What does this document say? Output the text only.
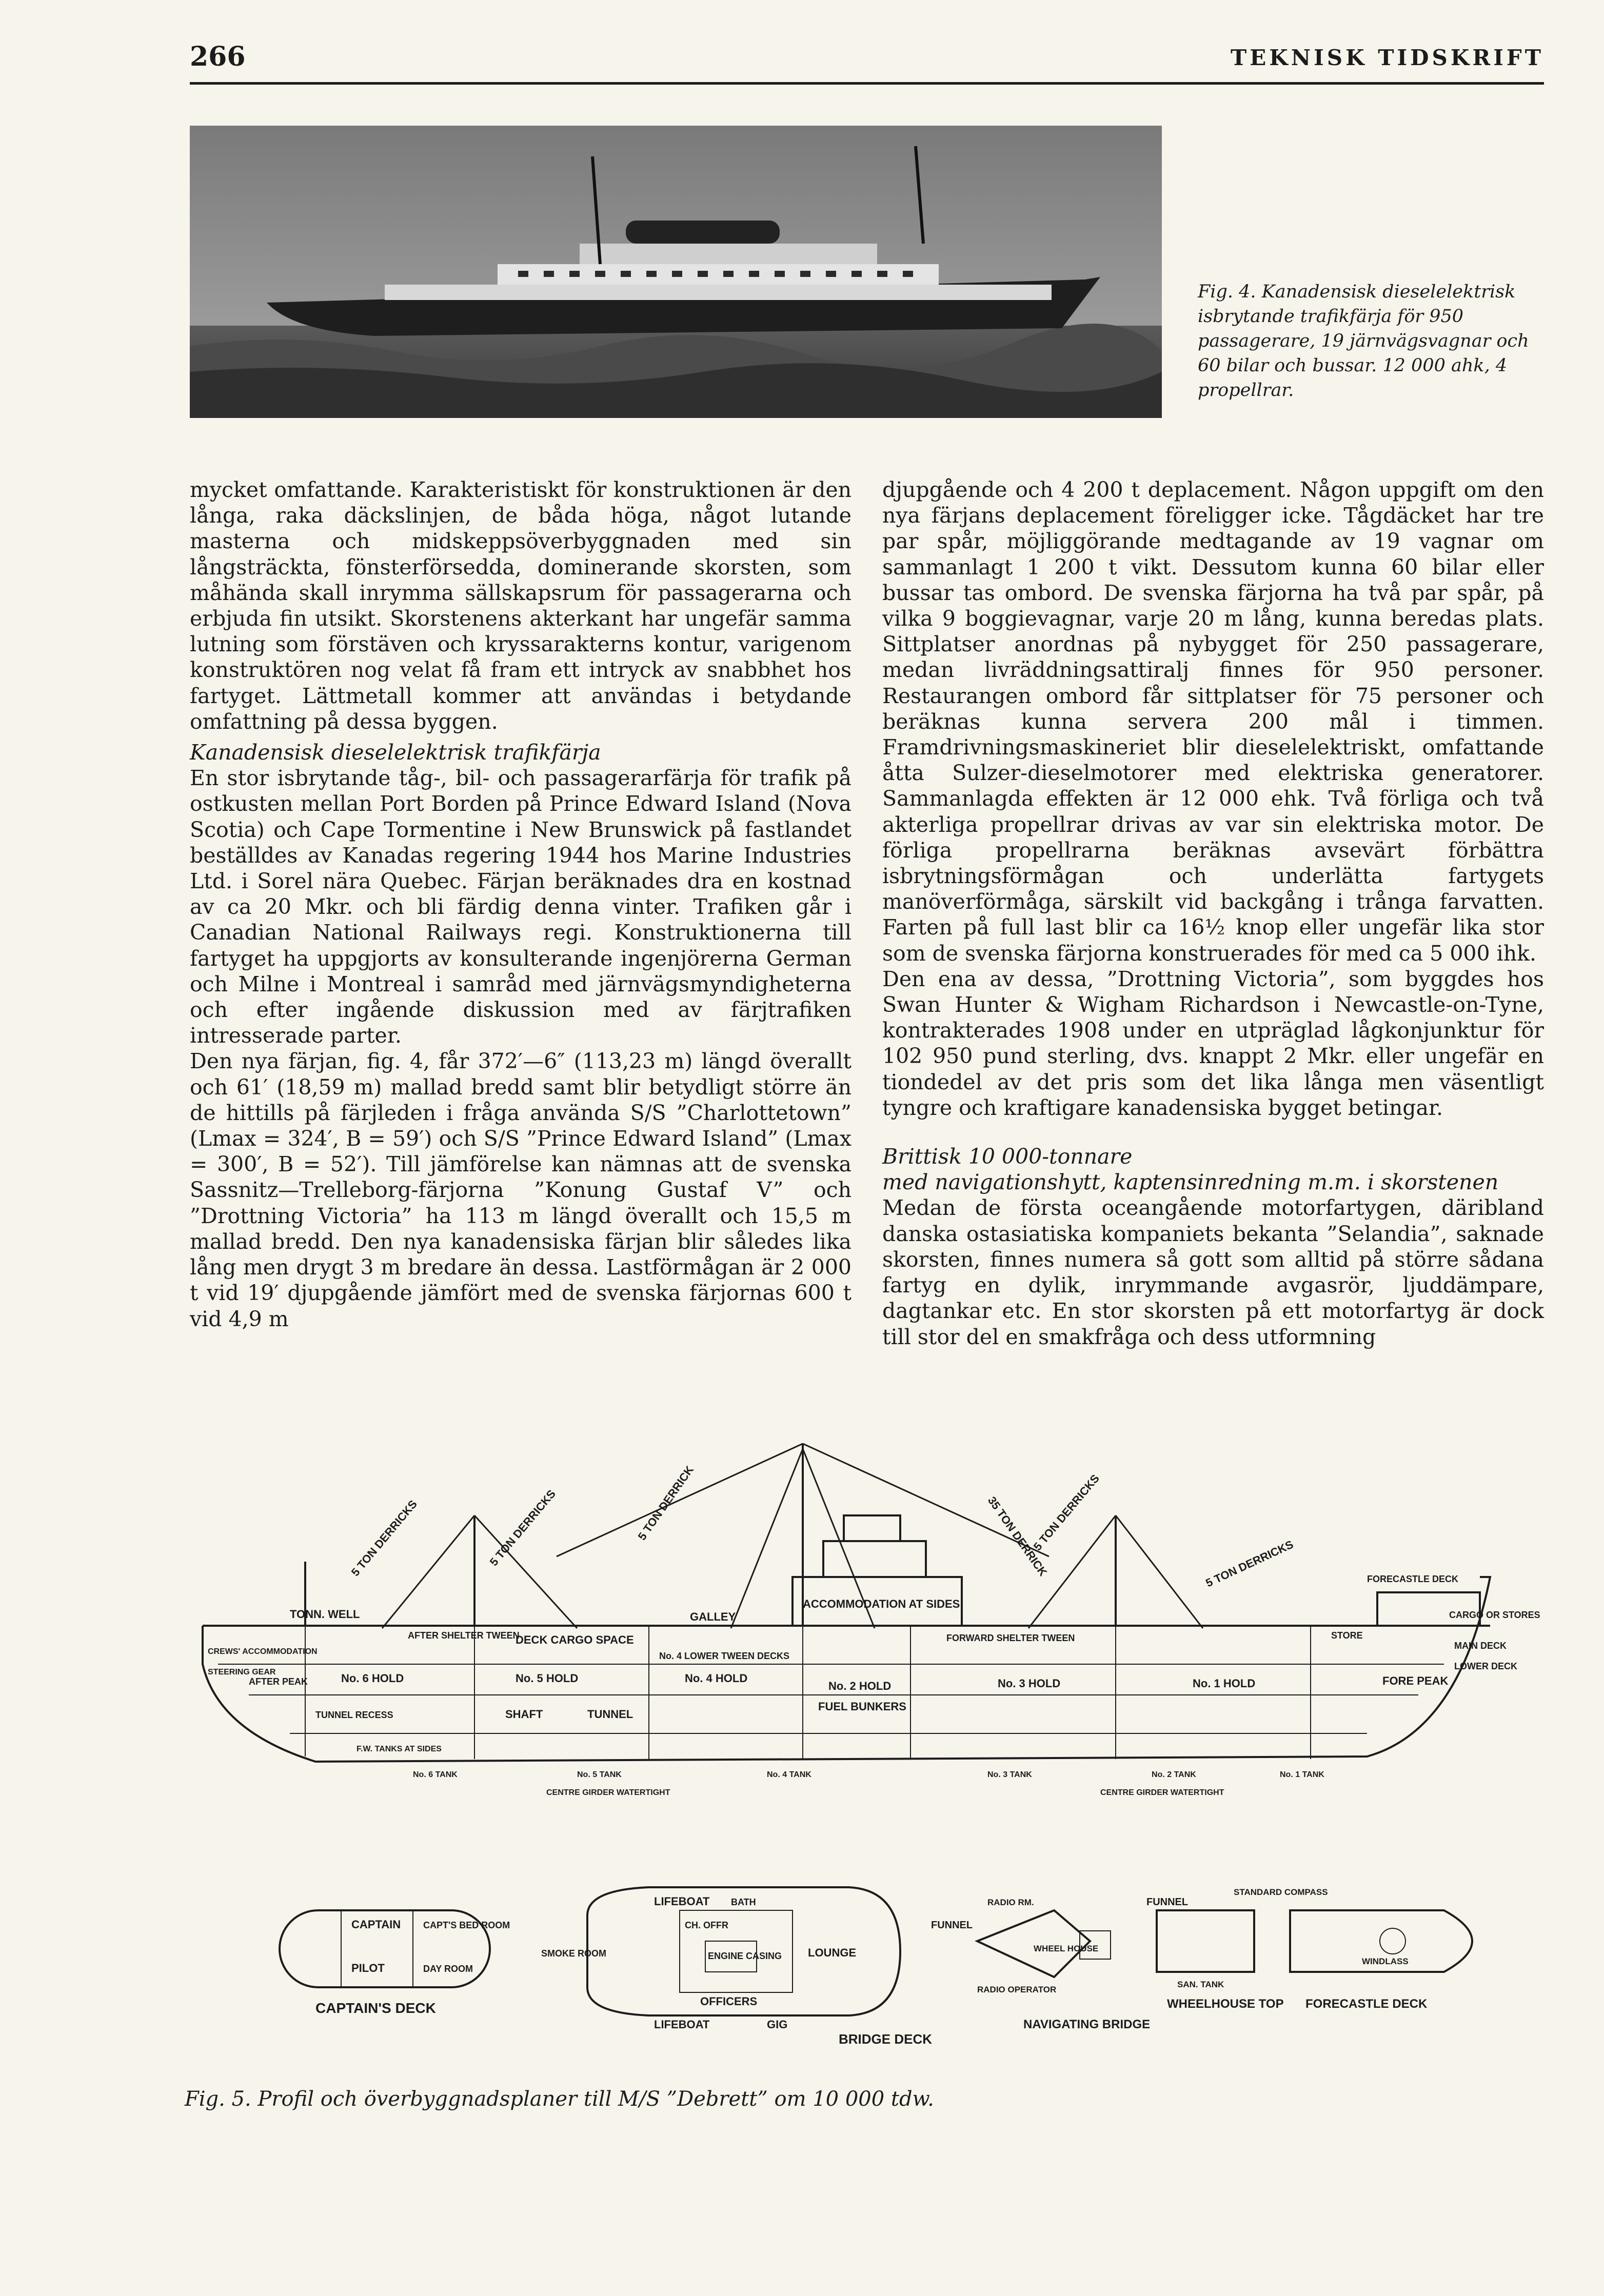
266	TEKNISK TIDSKRIFT
Fig. 4. Kanadensisk dieselelektrisk isbrytande trafikfärja för 950 passagerare, 19 järnvägsvagnar och 60 bilar och bussar. 12 000 ahk, 4 propellrar.

mycket omfattande. Karakteristiskt för konstruktionen är den långa, raka däckslinjen, de båda höga, något lutande masterna och midskeppsöverbyggnaden med sin långsträckta, fönsterförsedda, dominerande skorsten, som måhända skall inrymma sällskapsrum för passagerarna och erbjuda fin utsikt. Skorstenens akterkant har ungefär samma lutning som förstäven och kryssarakterns kontur, varigenom konstruktören nog velat få fram ett intryck av snabbhet hos fartyget. Lättmetall kommer att användas i betydande omfattning på dessa byggen.

Kanadensisk dieselelektrisk trafikfärja

En stor isbrytande tåg-, bil- och passagerarfärja för trafik på ostkusten mellan Port Borden på Prince Edward Island (Nova Scotia) och Cape Tormentine i New Brunswick på fastlandet beställdes av Kanadas regering 1944 hos Marine Industries Ltd. i Sorel nära Quebec. Färjan beräknades dra en kostnad av ca 20 Mkr. och bli färdig denna vinter. Trafiken går i Canadian National Railways regi. Konstruktionerna till fartyget ha uppgjorts av konsulterande ingenjörerna German och Milne i Montreal i samråd med järnvägsmyndigheterna och efter ingående diskussion med av färjtrafiken intresserade parter.

Den nya färjan, fig. 4, får 372′—6″ (113,23 m) längd överallt och 61′ (18,59 m) mallad bredd samt blir betydligt större än de hittills på färjleden i fråga använda S/S ”Charlottetown” (Lmax = 324′, B = 59′) och S/S ”Prince Edward Island” (Lmax = 300′, B = 52′). Till jämförelse kan nämnas att de svenska Sassnitz—Trelleborg-färjorna ”Konung Gustaf V” och ”Drottning Victoria” ha 113 m längd överallt och 15,5 m mallad bredd. Den nya kanadensiska färjan blir således lika lång men drygt 3 m bredare än dessa. Lastförmågan är 2 000 t vid 19′ djupgående jämfört med de svenska färjornas 600 t vid 4,9 m

djupgående och 4 200 t deplacement. Någon uppgift om den nya färjans deplacement föreligger icke. Tågdäcket har tre par spår, möjliggörande medtagande av 19 vagnar om sammanlagt 1 200 t vikt. Dessutom kunna 60 bilar eller bussar tas ombord. De svenska färjorna ha två par spår, på vilka 9 boggievagnar, varje 20 m lång, kunna beredas plats. Sittplatser anordnas på nybygget för 250 passagerare, medan livräddningsattiralj finnes för 950 personer. Restaurangen ombord får sittplatser för 75 personer och beräknas kunna servera 200 mål i timmen. Framdrivningsmaskineriet blir dieselelektriskt, omfattande åtta Sulzer-dieselmotorer med elektriska generatorer. Sammanlagda effekten är 12 000 ehk. Två förliga och två akterliga propellrar drivas av var sin elektriska motor. De förliga propellrarna beräknas avsevärt förbättra isbrytningsförmågan och underlätta fartygets manöverförmåga, särskilt vid backgång i trånga farvatten. Farten på full last blir ca 16½ knop eller ungefär lika stor som de svenska färjorna konstruerades för med ca 5 000 ihk.

Den ena av dessa, ”Drottning Victoria”, som byggdes hos Swan Hunter & Wigham Richardson i Newcastle-on-Tyne, kontrakterades 1908 under en utpräglad lågkonjunktur för 102 950 pund sterling, dvs. knappt 2 Mkr. eller ungefär en tiondedel av det pris som det lika långa men väsentligt tyngre och kraftigare kanadensiska bygget betingar.

Brittisk 10 000-tonnare

med navigationshytt, kaptensinredning m.m. i skorstenen

Medan de första oceangående motorfartygen, däribland danska ostasiatiska kompaniets bekanta ”Selandia”, saknade skorsten, finnes numera så gott som alltid på större sådana fartyg en dylik, inrymmande avgasrör, ljuddämpare, dagtankar etc. En stor skorsten på ett motorfartyg är dock till stor del en smakfråga och dess utformning

5 TON DERRICKS	5 TON DERRICKS	5 TON DERRICK	35 TON DERRICK
5 TON DERRICKS
5 TON DERRICKS
TONN. WELL	GALLEY
ACCOMMODATION AT SIDES
DECK CARGO SPACE
AFTER SHELTER TWEEN	FORWARD SHELTER TWEEN
No. 4 LOWER TWEEN DECKS
No. 4 HOLD
No. 5 HOLD
No. 6 HOLD
No. 2 HOLD	No. 3 HOLD	No. 1 HOLD
SHAFT	TUNNEL
TUNNEL RECESS
AFTER PEAK
FUEL BUNKERS
FORE PEAK
FORECASTLE DECK
CARGO OR STORES
STORE
MAIN DECK
LOWER DECK
CREWS' ACCOMMODATION
STEERING GEAR
F.W. TANKS AT SIDES
No. 6 TANK	No. 5 TANK	No. 4 TANK	No. 3 TANK	No. 2 TANK	No. 1 TANK
CENTRE GIRDER WATERTIGHT	CENTRE GIRDER WATERTIGHT
CAPTAIN CAPT'S BED ROOM
PILOT	DAY ROOM
CAPTAIN'S DECK
SMOKE ROOM
LIFEBOAT BATH
CH. OFFR
ENGINE CASING LOUNGE
OFFICERS
LIFEBOAT	GIG
BRIDGE DECK
FUNNEL
RADIO RM.
WHEEL HOUSE
RADIO OPERATOR
NAVIGATING BRIDGE
FUNNEL
STANDARD COMPASS
SAN. TANK
WHEELHOUSE TOP
WINDLASS
FORECASTLE DECK
Fig. 5. Profil och överbyggnadsplaner till M/S ”Debrett” om 10 000 tdw.
